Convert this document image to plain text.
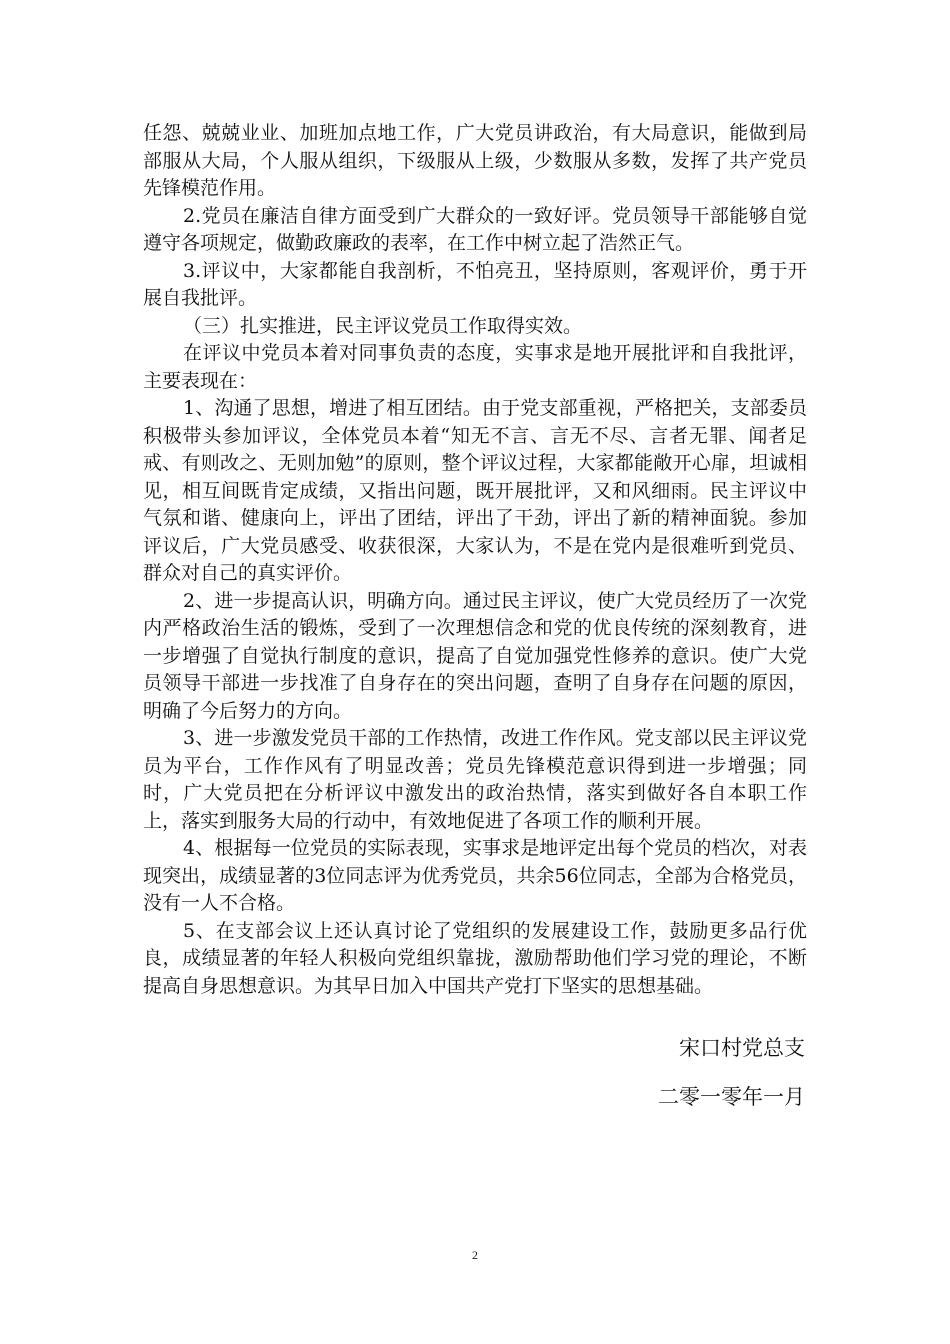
任怨、兢兢业业、加班加点地工作，广大党员讲政治，有大局意识，能做到局部服从大局，个人服从组织，下级服从上级，少数服从多数，发挥了共产党员先锋模范作用。

2.党员在廉洁自律方面受到广大群众的一致好评。党员领导干部能够自觉遵守各项规定，做勤政廉政的表率，在工作中树立起了浩然正气。

3.评议中，大家都能自我剖析，不怕亮丑，坚持原则，客观评价，勇于开展自我批评。

（三）扎实推进，民主评议党员工作取得实效。

在评议中党员本着对同事负责的态度，实事求是地开展批评和自我批评，主要表现在：

1、沟通了思想，增进了相互团结。由于党支部重视，严格把关，支部委员积极带头参加评议，全体党员本着“知无不言、言无不尽、言者无罪、闻者足戒、有则改之、无则加勉”的原则，整个评议过程，大家都能敞开心扉，坦诚相见，相互间既肯定成绩，又指出问题，既开展批评，又和风细雨。民主评议中气氛和谐、健康向上，评出了团结，评出了干劲，评出了新的精神面貌。参加评议后，广大党员感受、收获很深，大家认为，不是在党内是很难听到党员、群众对自己的真实评价。

2、进一步提高认识，明确方向。通过民主评议，使广大党员经历了一次党内严格政治生活的锻炼，受到了一次理想信念和党的优良传统的深刻教育，进一步增强了自觉执行制度的意识，提高了自觉加强党性修养的意识。使广大党员领导干部进一步找准了自身存在的突出问题，查明了自身存在问题的原因，明确了今后努力的方向。

3、进一步激发党员干部的工作热情，改进工作作风。党支部以民主评议党员为平台，工作作风有了明显改善；党员先锋模范意识得到进一步增强；同时，广大党员把在分析评议中激发出的政治热情，落实到做好各自本职工作上，落实到服务大局的行动中，有效地促进了各项工作的顺利开展。

4、根据每一位党员的实际表现，实事求是地评定出每个党员的档次，对表现突出，成绩显著的3位同志评为优秀党员，共余56位同志，全部为合格党员，没有一人不合格。

5、在支部会议上还认真讨论了党组织的发展建设工作，鼓励更多品行优良，成绩显著的年轻人积极向党组织靠拢，激励帮助他们学习党的理论，不断提高自身思想意识。为其早日加入中国共产党打下坚实的思想基础。

宋口村党总支

二零一零年一月

2
